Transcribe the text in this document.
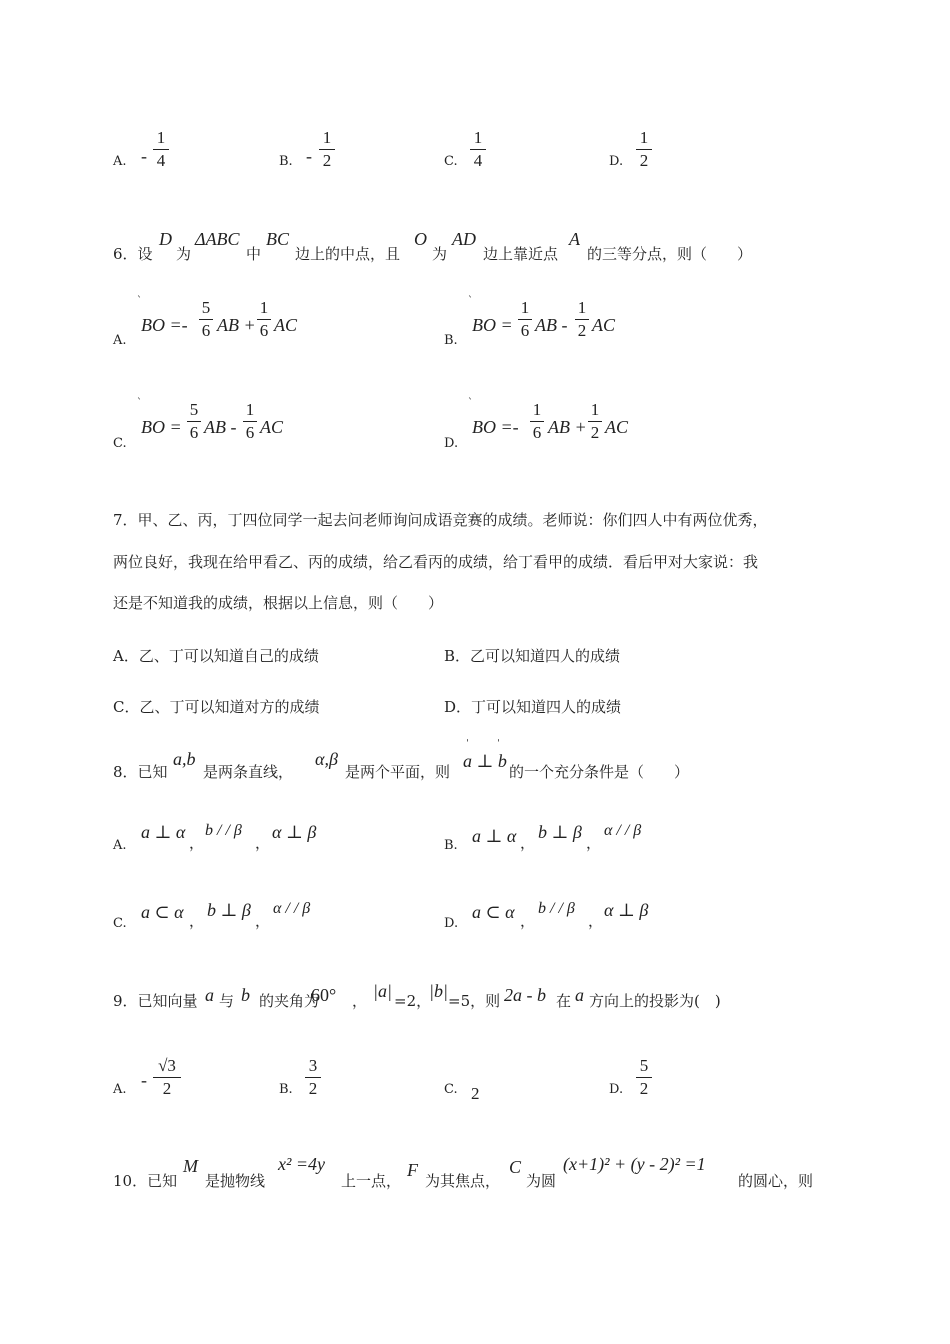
A. -
1
4	B. -
1
2	C.
1
4	D.
1
2
6．设
D
为
ΔABC
中
BC
边上的中点，且
O
为
AD
边上靠近点
A
的三等分点，则（　　）
A.
ˋ
BO =-
5
6 AB +
1
6 AC
B.
ˋ
BO =
1
6 AB -
1
2 AC
C.
ˋ
BO =
5
6 AB -
1
6 AC
D.
ˋ
BO =-
1
6 AB +
1
2 AC
7．甲、乙、丙，丁四位同学一起去问老师询问成语竞赛的成绩。老师说：你们四人中有两位优秀，
两位良好，我现在给甲看乙、丙的成绩，给乙看丙的成绩，给丁看甲的成绩．看后甲对大家说：我
还是不知道我的成绩，根据以上信息，则（　　）
A．乙、丁可以知道自己的成绩	B．乙可以知道四人的成绩
C．乙、丁可以知道对方的成绩	D．丁可以知道四人的成绩
8．已知
a,b
是两条直线，
α,β
是两个平面，则
ˈ	ˈ
a ⊥ b
的一个充分条件是（　　）
A.
a ⊥ α
，
b / / β
，
α ⊥ β
B. a ⊥ α ，
b ⊥ β
，
α / / β
C.
a ⊂ α ，
b ⊥ β
，
α / / β
D.
a ⊂ α ，
b / / β
，
α ⊥ β
9．已知向量 a 与 b 的夹角为
60° ， |a| =2，
|b| =5，则 2a - b 在 a 方向上的投影为(　)
A. -
√3
2	B.
3
2	C. 2	D.
5
2
10．已知
M
是抛物线
x² =4y
上一点，
F
为其焦点，
C
为圆
(x+1)² + (y - 2)² =1
的圆心，则
